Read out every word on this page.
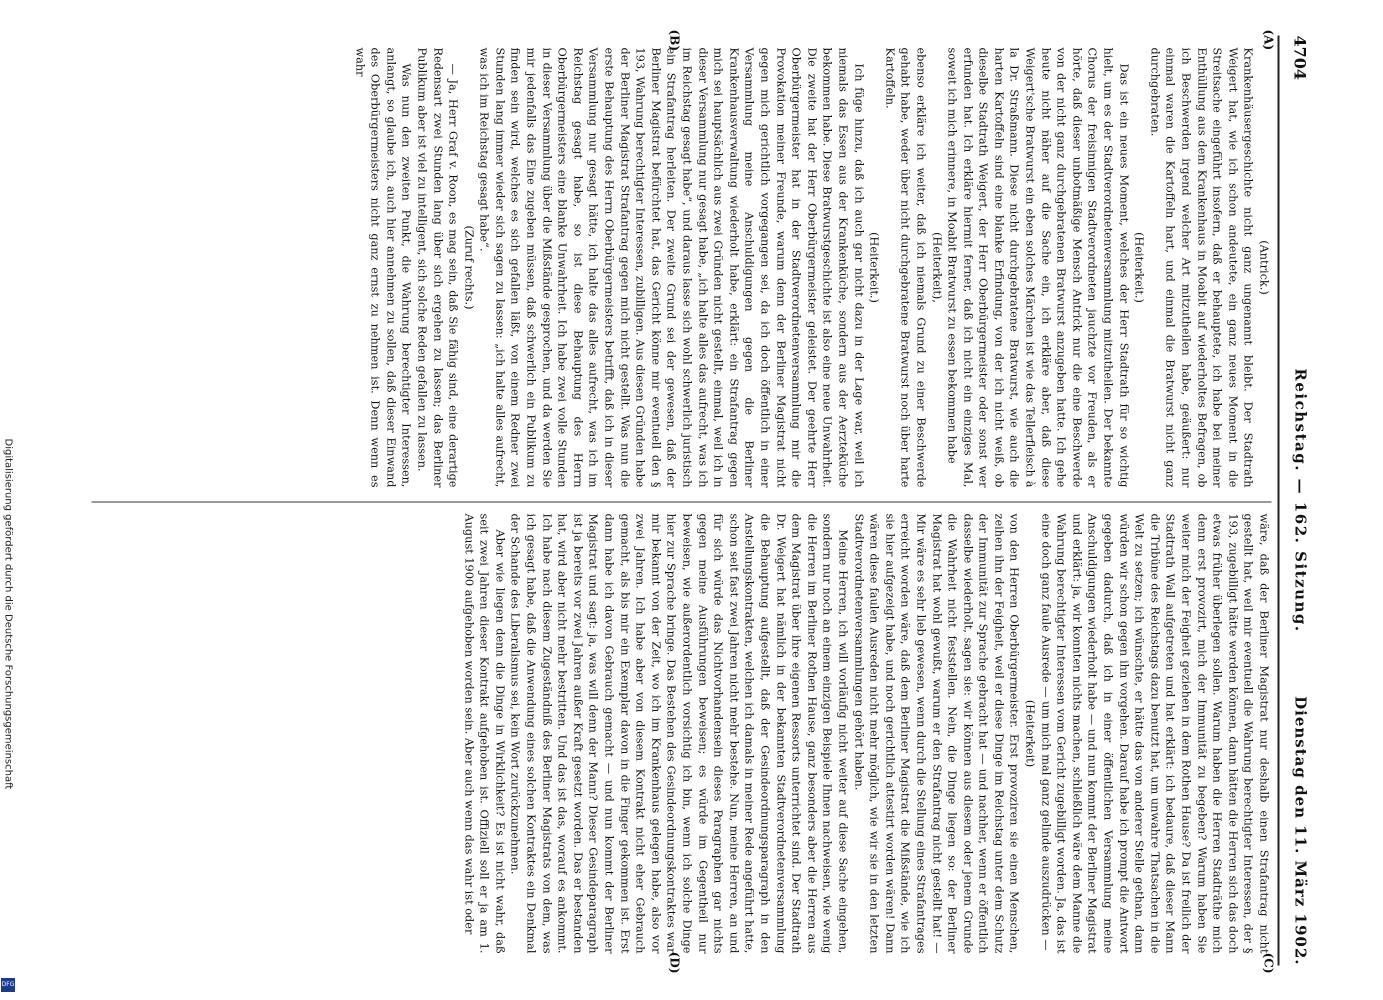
4704
Reichstag. — 162. Sitzung.
Dienstag den 11. März 1902.
(A)
(B)
(C)
(D)

(Antrick.)

Krankenhäusergeschichte nicht ganz ungenannt bleibt. Der Stadtrath Weigert hat, wie ich schon andeutete, ein ganz neues Moment in die Streitsache eingeführt insofern, daß er behauptete, ich habe bei meiner Enthüllung aus dem Krankenhaus in Moabit auf wiederholtes Befragen, ob ich Beschwerden irgend welcher Art mitzutheilen habe, geäußert: nur einmal waren die Kartoffeln hart, und einmal die Bratwurst nicht ganz durchgebraten.

(Heiterkeit.)

Das ist ein neues Moment, welches der Herr Stadtrath für so wichtig hielt, um es der Stadtverordnetenversammlung mitzutheilen. Der bekannte Chorus der freisinnigen Stadtverordneten jauchzte vor Freuden, als er hörte, daß dieser unbotmäßige Mensch Antrick nur die eine Beschwerde von der nicht ganz durchgebratenen Bratwurst anzugeben hatte. Ich gehe heute nicht näher auf die Sache ein, ich erkläre aber, daß diese Weigert'sche Bratwurst ein eben solches Märchen ist wie das Tellerfleisch à la Dr. Straßmann. Diese nicht durchgebratene Bratwurst, wie auch die harten Kartoffeln sind eine blanke Erfindung, von der ich nicht weiß, ob dieselbe Stadtrath Weigert, der Herr Oberbürgermeister oder sonst wer erfunden hat. Ich erkläre hiermit ferner, daß ich nicht ein einziges Mal, soweit ich mich erinnere, in Moabit Bratwurst zu essen bekommen habe

(Heiterkeit),

ebenso erkläre ich weiter, daß ich niemals Grund zu einer Beschwerde gehabt habe, weder über nicht durchgebratene Bratwurst noch über harte Kartoffeln.

(Heiterkeit.)

Ich füge hinzu, daß ich auch gar nicht dazu in der Lage war, weil ich niemals das Essen aus der Krankenküche, sondern aus der Aerzteküche bekommen habe. Diese Bratwurstgeschichte ist also eine neue Unwahrheit. Die zweite hat der Herr Oberbürgermeister geleistet. Der geehrte Herr Oberbürgermeister hat in der Stadtverordnetenversammlung mir die Provokation meiner Freunde, warum denn der Berliner Magistrat nicht gegen mich gerichtlich vorgegangen sei, da ich doch öffentlich in einer Versammlung meine Anschuldigungen gegen die Berliner Krankenhausverwaltung wiederholt habe, erklärt: ein Strafantrag gegen mich sei hauptsächlich aus zwei Gründen nicht gestellt, einmal, weil ich in dieser Versammlung nur gesagt habe, „ich halte alles das aufrecht, was ich im Reichstag gesagt habe“, und daraus lasse sich wohl schwerlich juristisch ein Strafantrag herleiten. Der zweite Grund sei der gewesen, daß der Berliner Magistrat befürchtet hat, das Gericht könne mir eventuell den § 193, Wahrung berechtigter Interessen, zubilligen. Aus diesen Gründen habe der Berliner Magistrat Strafantrag gegen mich nicht gestellt. Was nun die erste Behauptung des Herrn Oberbürgermeisters betrifft, daß ich in dieser Versammlung nur gesagt hätte, ich halte das alles aufrecht, was ich im Reichstag gesagt habe, so ist diese Behauptung des Herrn Oberbürgermeisters eine blanke Unwahrheit. Ich habe zwei volle Stunden in dieser Versammlung über die Mißstände gesprochen, und da werden Sie mir jedenfalls das Eine zugeben müssen, daß schwerlich ein Publikum zu finden sein wird, welches es sich gefallen läßt, von einem Redner zwei Stunden lang immer wieder sich sagen zu lassen: „ich halte alles aufrecht, was ich im Reichstag gesagt habe“.

(Zuruf rechts.)

— Ja, Herr Graf v. Roon, es mag sein, daß Sie fähig sind, eine derartige Redensart zwei Stunden lang über sich ergehen zu lassen; das Berliner Publikum aber ist viel zu intelligent, sich solche Reden gefallen zu lassen.

Was nun den zweiten Punkt, die Wahrung berechtigter Interessen, anlangt, so glaube ich, auch hier annehmen zu sollen, daß dieser Einwand des Oberbürgermeisters nicht ganz ernst zu nehmen ist. Denn wenn es wahr

wäre, daß der Berliner Magistrat nur deshalb einen Strafantrag nicht gestellt hat, weil mir eventuell die Wahrung berechtigter Interessen, der § 193, zugebilligt hätte werden können, dann hätten die Herren sich das doch etwas früher überlegen sollen. Warum haben die Herren Stadträthe mich denn erst provozirt, mich der Immunität zu begeben? Warum haben Sie weiter mich der Feigheit geziehen in dem Rothen Hause? Da ist freilich der Stadtrath Wall aufgetreten und hat erklärt: ich bedaure, daß dieser Mann die Tribüne des Reichstags dazu benutzt hat, um unwahre Thatsachen in die Welt zu setzen; ich wünschte, er hätte das von anderer Stelle gethan, dann würden wir schon gegen ihn vorgehen. Darauf habe ich prompt die Antwort gegeben dadurch, daß ich in einer öffentlichen Versammlung meine Anschuldigungen wiederholt habe — und nun kommt der Berliner Magistrat und erklärt: ja, wir konnten nichts machen, schließlich wäre dem Manne die Wahrung berechtigter Interessen vom Gericht zugebilligt worden. Ja, das ist eine doch ganz faule Ausrede — um mich mal ganz gelinde auszudrücken —

(Heiterkeit)

von den Herren Oberbürgermeister. Erst provoziren sie einen Menschen, zeihen ihn der Feigheit, weil er diese Dinge im Reichstag unter dem Schutz der Immunität zur Sprache gebracht hat — und nachher, wenn er öffentlich dasselbe wiederholt, sagen sie: wir können aus diesem oder jenem Grunde die Wahrheit nicht feststellen. Nein, die Dinge liegen so: der Berliner Magistrat hat wohl gewußt, warum er den Strafantrag nicht gestellt hat! — Mir wäre es sehr lieb gewesen, wenn durch die Stellung eines Strafantrages erreicht worden wäre, daß dem Berliner Magistrat die Mißstände, wie ich sie hier aufgezeigt habe, und noch gerichtlich attestirt worden wären! Dann wären diese faulen Ausreden nicht mehr möglich, wie wir sie in den letzten Stadtverordnetenversammlungen gehört haben.

Meine Herren, ich will vorläufig nicht weiter auf diese Sache eingehen, sondern nur noch an einem einzigen Beispiele Ihnen nachweisen, wie wenig die Herren im Berliner Rothen Hause, ganz besonders aber die Herren aus dem Magistrat über ihre eigenen Ressorts unterrichtet sind. Der Stadtrath Dr. Weigert hat nämlich in der bekannten Stadtverordnetenversammlung die Behauptung aufgestellt, daß der Gesindeordnungsparagraph in den Anstellungskontrakten, welchen ich damals in meiner Rede angeführt hatte, schon seit fast zwei Jahren nicht mehr bestehe. Nun, meine Herren, an und für sich würde das Nichtvorhandensein dieses Paragraphen gar nichts gegen meine Ausführungen beweisen; es würde im Gegentheil nur beweisen, wie außerordentlich vorsichtig ich bin, wenn ich solche Dinge hier zur Sprache bringe. Das Bestehen des Gesindeordnungskontraktes war mir bekannt von der Zeit, wo ich im Krankenhaus gelegen habe, also vor zwei Jahren. Ich habe aber von diesem Kontrakt nicht eher Gebrauch gemacht, als bis mir ein Exemplar davon in die Finger gekommen ist. Erst dann habe ich davon Gebrauch gemacht — und nun kommt der Berliner Magistrat und sagt: ja, was will denn der Mann? Dieser Gesindeparagraph ist ja bereits vor zwei Jahren außer Kraft gesetzt worden. Das er bestanden hat, wird aber nicht mehr bestritten. Und das ist das, worauf es ankommt. Ich habe nach diesem Zugeständniß des Berliner Magistrats von dem, was ich gesagt habe, daß die Anwendung eines solchen Kontraktes ein Denkmal der Schande des Liberalismus sei, kein Wort zurückzunehmen.

Aber wie liegen denn die Dinge in Wirklichkeit? Es ist nicht wahr, daß seit zwei Jahren dieser Kontrakt aufgehoben ist. Offiziell soll er ja am 1. August 1900 aufgehoben worden sein. Aber auch wenn das wahr ist oder

Digitalisierung gefördert durch die Deutsche Forschungsgemeinschaft
DFG
